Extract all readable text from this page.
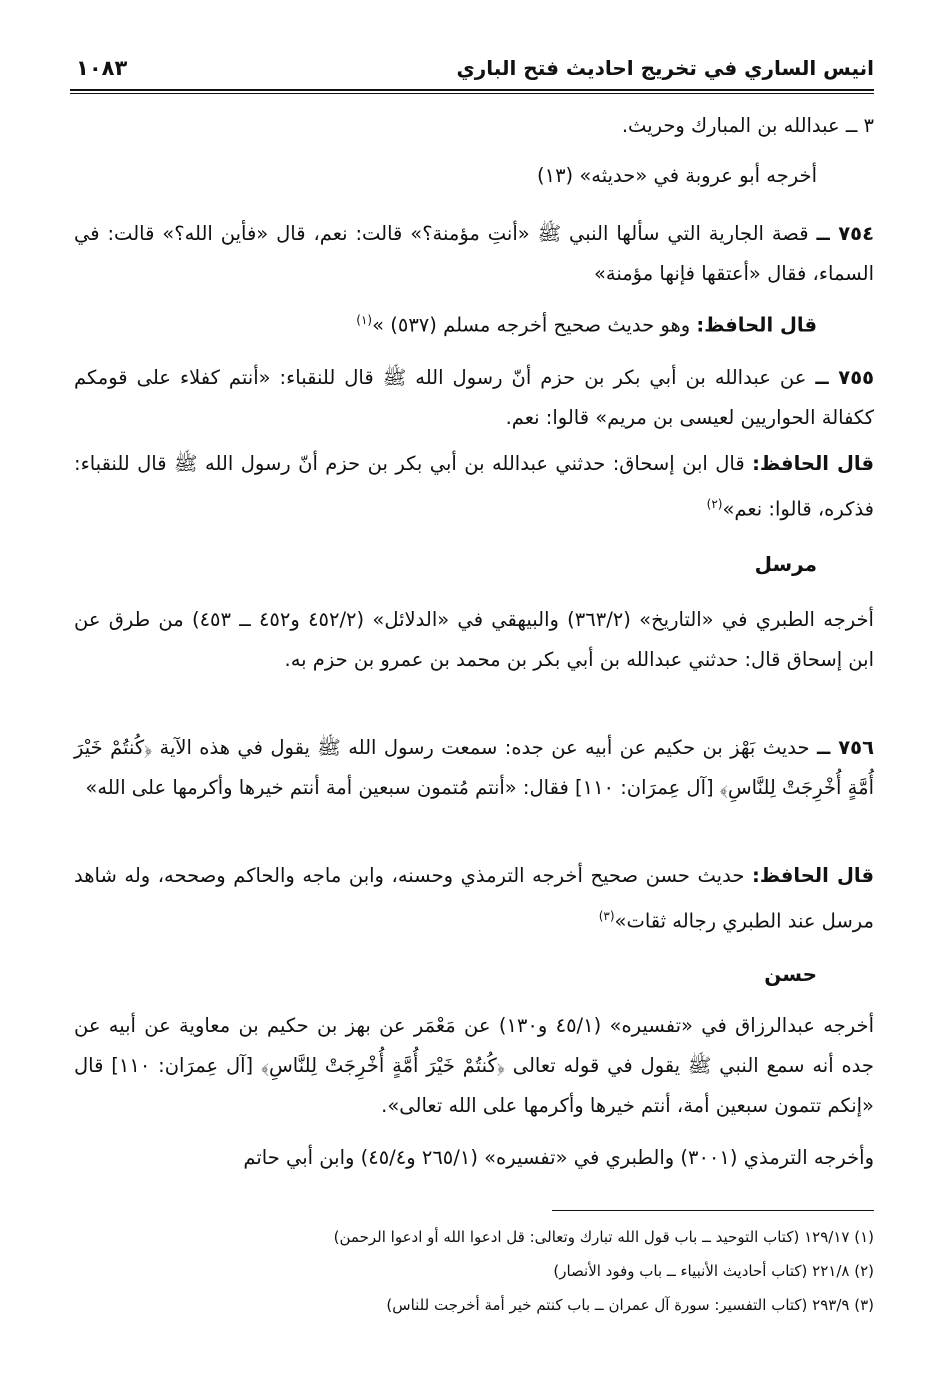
انيس الساري في تخريج احاديث فتح الباري
١٠٨٣
٣ ــ عبدالله بن المبارك وحريث.
أخرجه أبو عروبة في «حديثه» (١٣)
٧٥٤ ــ قصة الجارية التي سألها النبي ﷺ «أنتِ مؤمنة؟» قالت: نعم، قال «فأين الله؟» قالت: في السماء، فقال «أعتقها فإنها مؤمنة»
قال الحافظ: وهو حديث صحيح أخرجه مسلم (٥٣٧) »$^{(١)}$
٧٥٥ ــ عن عبدالله بن أبي بكر بن حزم أنّ رسول الله ﷺ قال للنقباء: «أنتم كفلاء على قومكم ككفالة الحواريين لعيسى بن مريم» قالوا: نعم.
قال الحافظ: قال ابن إسحاق: حدثني عبدالله بن أبي بكر بن حزم أنّ رسول الله ﷺ قال للنقباء: فذكره، قالوا: نعم»$^{(٢)}$
مرسل
أخرجه الطبري في «التاريخ» (٣٦٣/٢) والبيهقي في «الدلائل» (٤٥٢/٢ و٤٥٢ ــ ٤٥٣) من طرق عن ابن إسحاق قال: حدثني عبدالله بن أبي بكر بن محمد بن عمرو بن حزم به.
٧٥٦ ــ حديث بَهْز بن حكيم عن أبيه عن جده: سمعت رسول الله ﷺ يقول في هذه الآية ﴿كُنتُمْ خَيْرَ أُمَّةٍ أُخْرِجَتْ لِلنَّاسِ﴾ [آل عِمرَان: ١١٠] فقال: «أنتم مُتمون سبعين أمة أنتم خيرها وأكرمها على الله»
قال الحافظ: حديث حسن صحيح أخرجه الترمذي وحسنه، وابن ماجه والحاكم وصححه، وله شاهد مرسل عند الطبري رجاله ثقات»$^{(٣)}$
حسن
أخرجه عبدالرزاق في «تفسيره» (٤٥/١ و١٣٠) عن مَعْمَر عن بهز بن حكيم بن معاوية عن أبيه عن جده أنه سمع النبي ﷺ يقول في قوله تعالى ﴿كُنتُمْ خَيْرَ أُمَّةٍ أُخْرِجَتْ لِلنَّاسِ﴾ [آل عِمرَان: ١١٠] قال «إنكم تتمون سبعين أمة، أنتم خيرها وأكرمها على الله تعالى».
وأخرجه الترمذي (٣٠٠١) والطبري في «تفسيره» (٢٦٥/١ و٤٥/٤) وابن أبي حاتم
(١) ١٢٩/١٧ (كتاب التوحيد ــ باب قول الله تبارك وتعالى: قل ادعوا الله أو ادعوا الرحمن)
(٢) ٢٢١/٨ (كتاب أحاديث الأنبياء ــ باب وفود الأنصار)
(٣) ٢٩٣/٩ (كتاب التفسير: سورة آل عمران ــ باب كنتم خير أمة أخرجت للناس)
